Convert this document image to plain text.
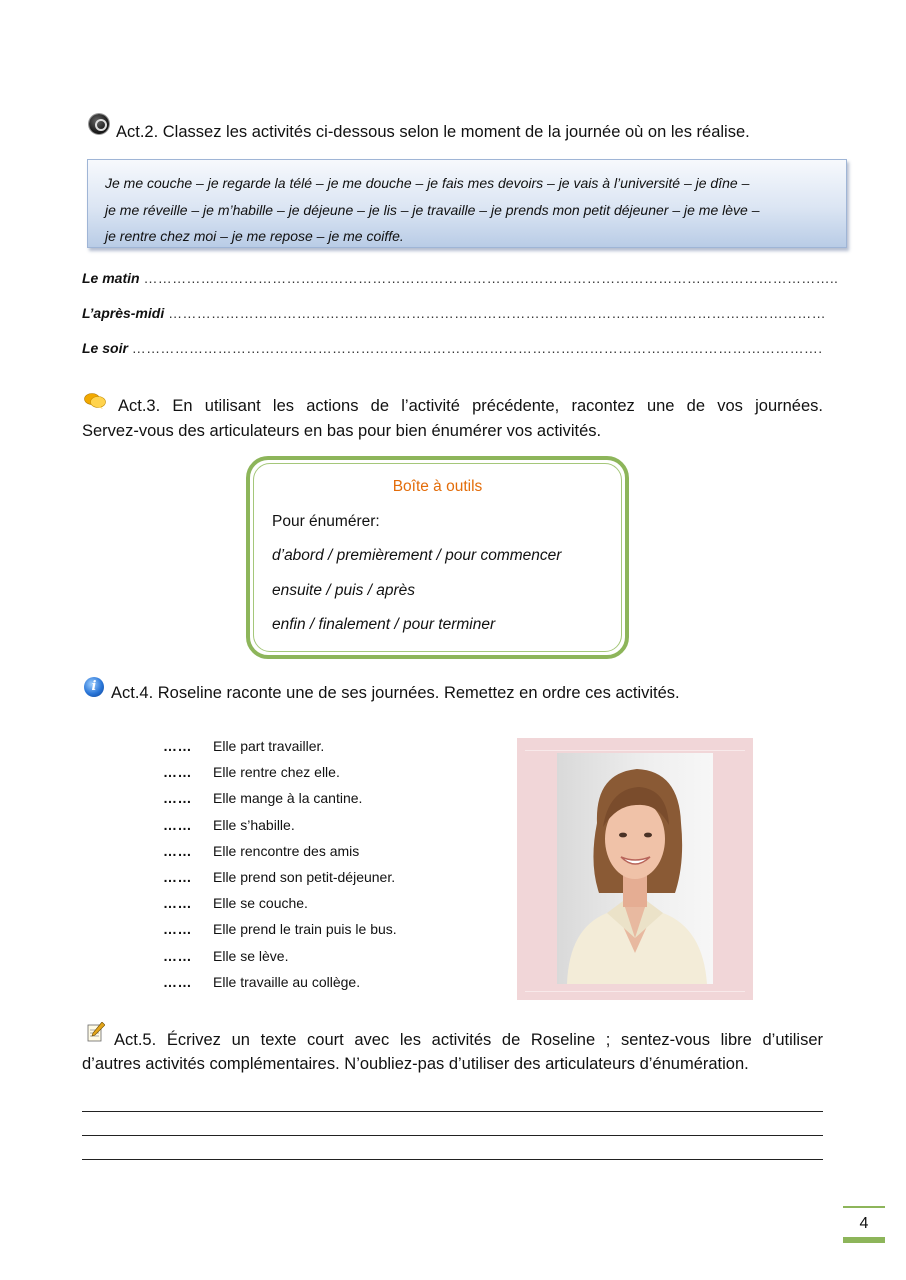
Act.2. Classez les activités ci-dessous selon le moment de la journée où on les réalise.

Je me couche – je regarde la télé – je me douche – je fais mes devoirs – je vais à l’université – je dîne –

je me réveille – je m’habille – je déjeune – je lis – je travaille – je prends mon petit déjeuner – je me lève –

je rentre chez moi – je me repose – je me coiffe.

Le matin ………………………………………………………………………………………………………………………………..
L’après-midi …………………………………………………………………………………………………………………………
Le soir ……………………………………………………………………………………………………………………………….
Act.3. En utilisant les actions de l’activité précédente, racontez une de vos journées.
Servez-vous des articulateurs en bas pour bien énumérer vos activités.
Boîte à outils
Pour énumérer:
d’abord / premièrement / pour commencer
ensuite / puis / après
enfin / finalement / pour terminer
i Act.4. Roseline raconte une de ses journées. Remettez en ordre ces activités.
…… Elle part travailler.
…… Elle rentre chez elle.
…… Elle mange à la cantine.
…… Elle s’habille.
…… Elle rencontre des amis
…… Elle prend son petit-déjeuner.
…… Elle se couche.
…… Elle prend le train puis le bus.
…… Elle se lève.
…… Elle travaille au collège.
Act.5. Écrivez un texte court avec les activités de Roseline ; sentez-vous libre d’utiliser
d’autres activités complémentaires. N’oubliez-pas d’utiliser des articulateurs d’énumération.
4
